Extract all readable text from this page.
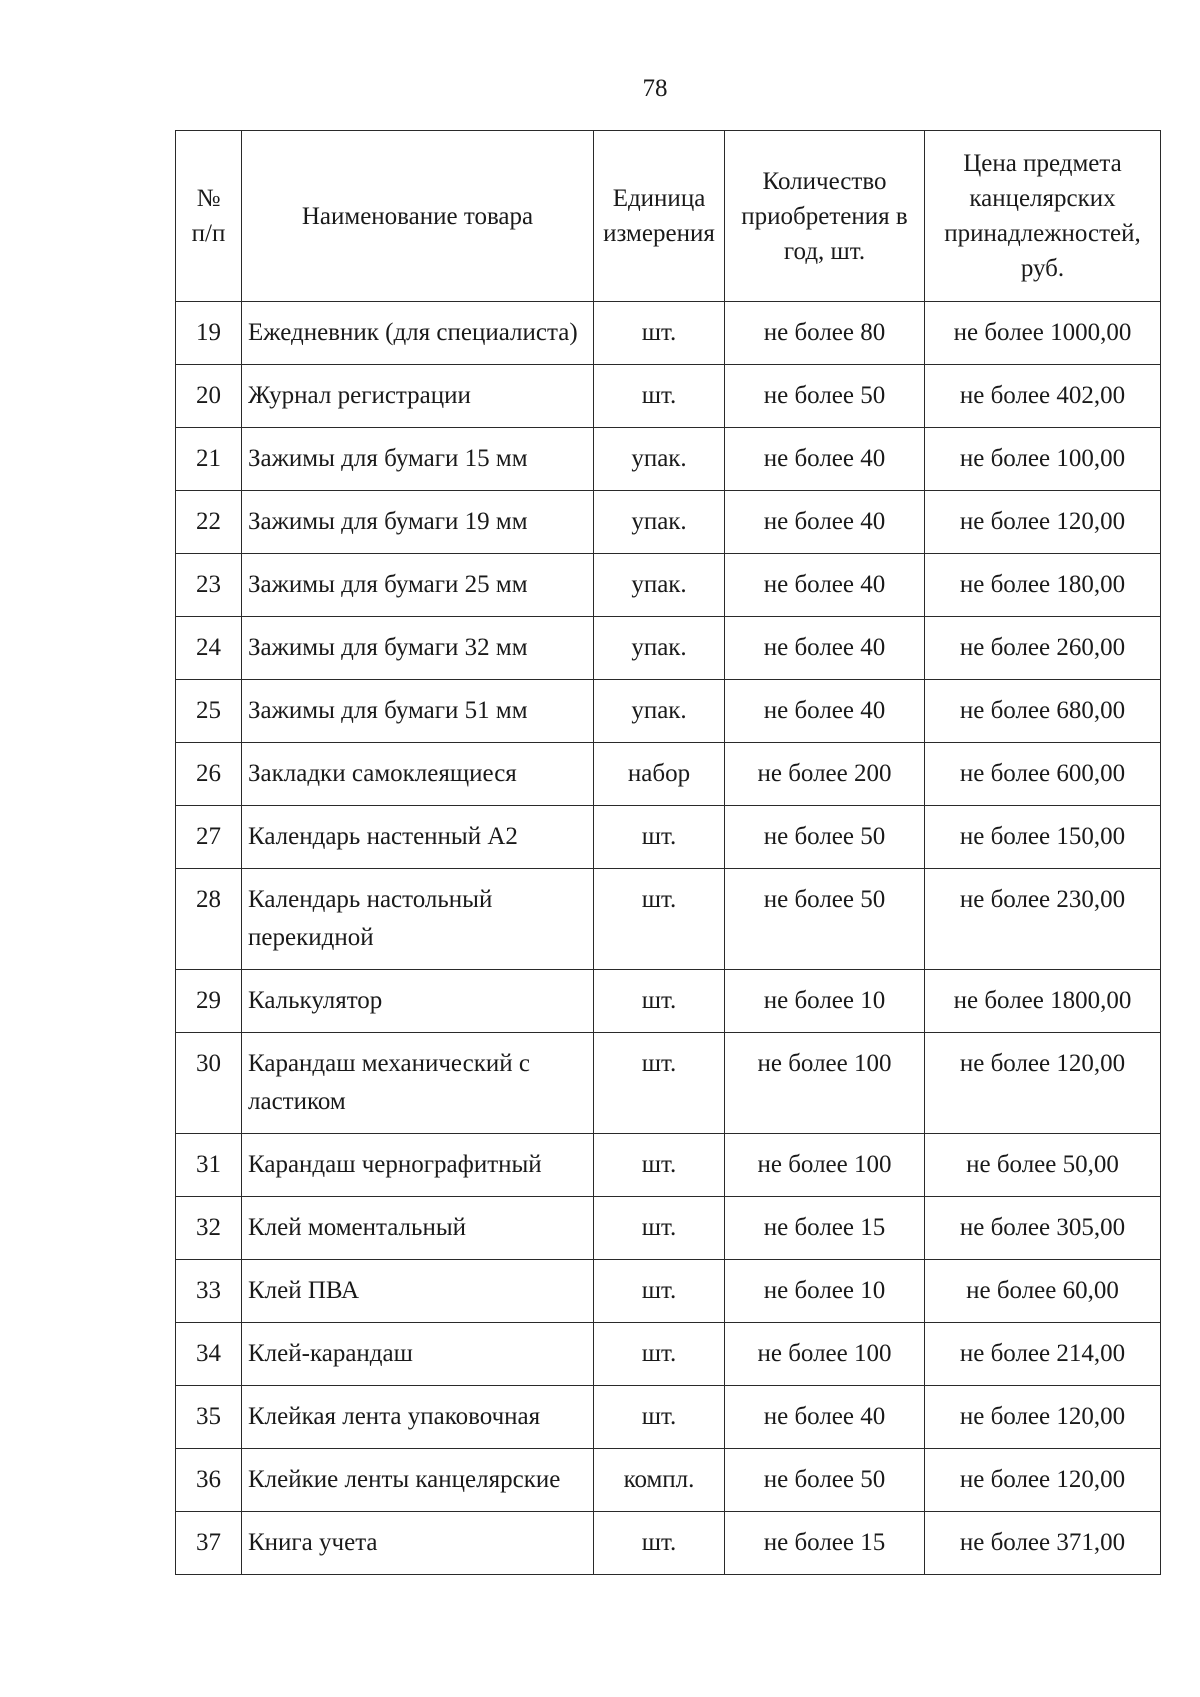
78
№ п/п	Наименование товара	Единица измерения	Количество приобретения в год, шт.	Цена предмета канцелярских принадлежностей, руб.
19	Ежедневник (для специалиста)	шт.	не более 80	не более 1000,00
20	Журнал регистрации	шт.	не более 50	не более 402,00
21	Зажимы для бумаги 15 мм	упак.	не более 40	не более 100,00
22	Зажимы для бумаги 19 мм	упак.	не более 40	не более 120,00
23	Зажимы для бумаги 25 мм	упак.	не более 40	не более 180,00
24	Зажимы для бумаги 32 мм	упак.	не более 40	не более 260,00
25	Зажимы для бумаги 51 мм	упак.	не более 40	не более 680,00
26	Закладки самоклеящиеся	набор	не более 200	не более 600,00
27	Календарь настенный А2	шт.	не более 50	не более 150,00
28	Календарь настольный перекидной	шт.	не более 50	не более 230,00
29	Калькулятор	шт.	не более 10	не более 1800,00
30	Карандаш механический с ластиком	шт.	не более 100	не более 120,00
31	Карандаш чернографитный	шт.	не более 100	не более 50,00
32	Клей моментальный	шт.	не более 15	не более 305,00
33	Клей ПВА	шт.	не более 10	не более 60,00
34	Клей-карандаш	шт.	не более 100	не более 214,00
35	Клейкая лента упаковочная	шт.	не более 40	не более 120,00
36	Клейкие ленты канцелярские	компл.	не более 50	не более 120,00
37	Книга учета	шт.	не более 15	не более 371,00
